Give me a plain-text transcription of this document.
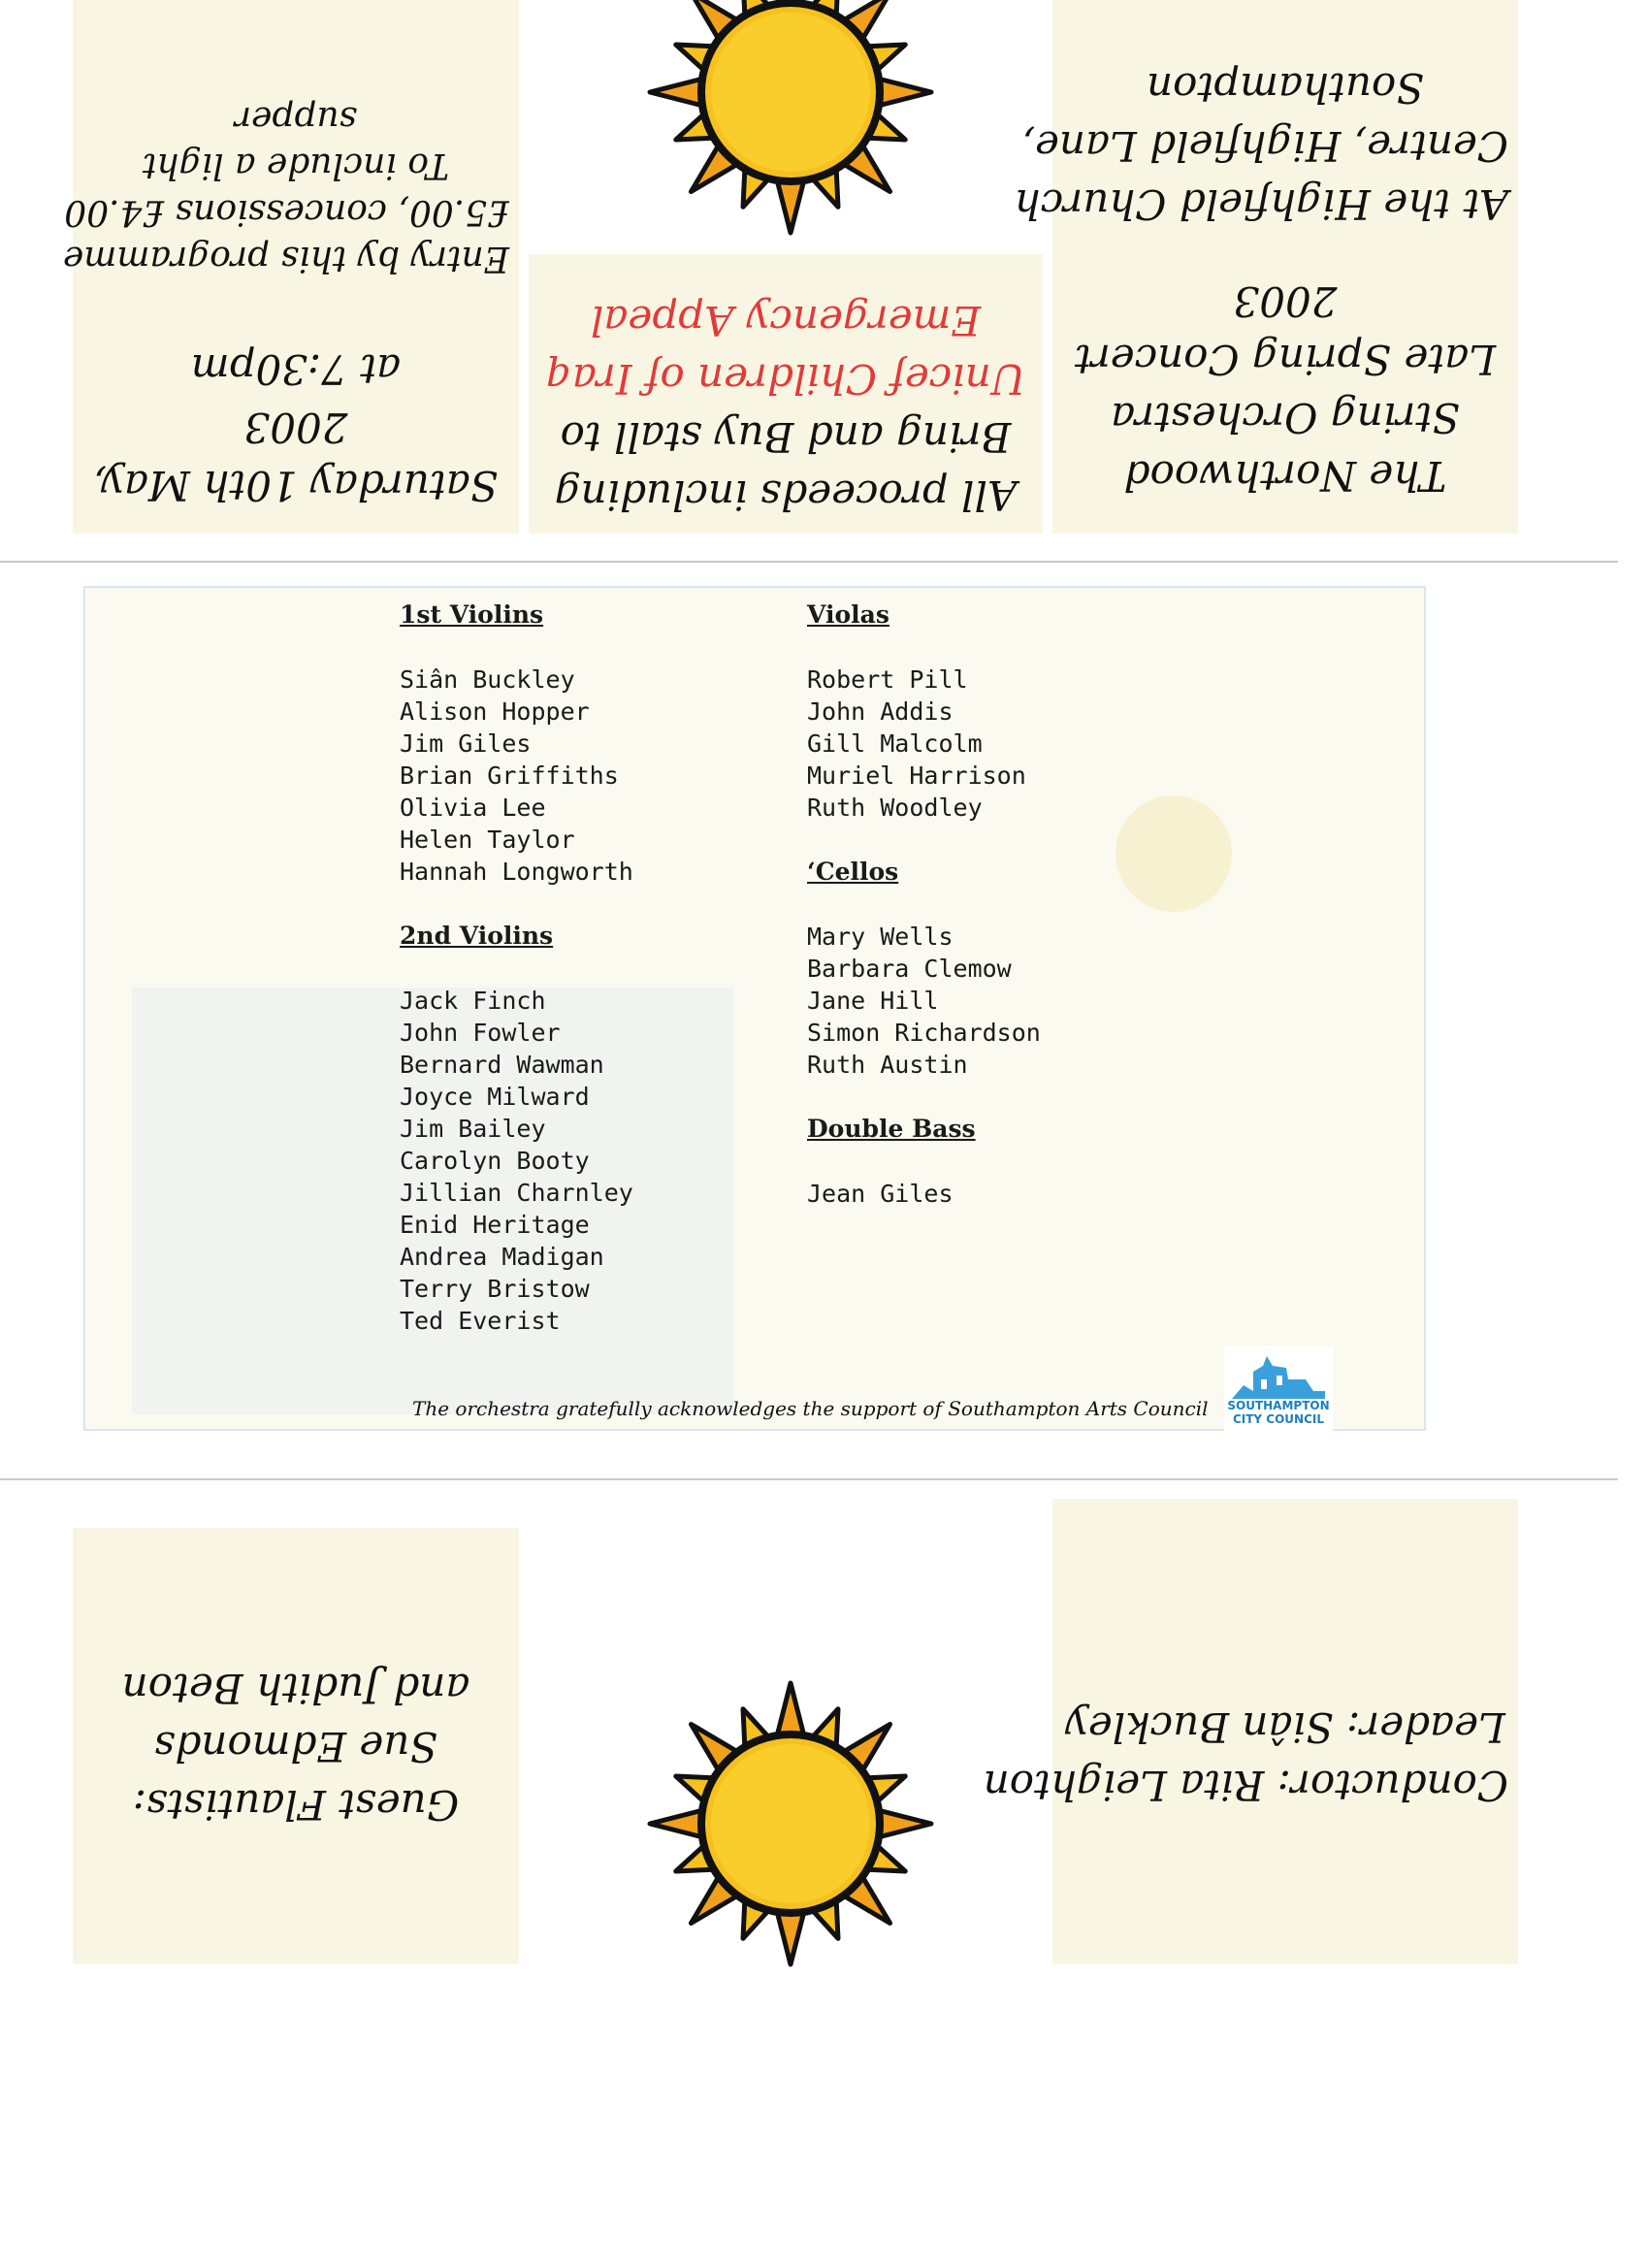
Saturday 10th May,
2003
at 7:30pm
Entry by this programme
£5.00, concessions £4.00
To include a light
supper
All proceeds including
Bring and Buy stall to
Unicef Children of Iraq
Emergency Appeal
The Northwood
String Orchestra
Late Spring Concert
2003
At the Highfield Church
Centre, Highfield Lane,
Southampton
1st Violins
Siân Buckley
Alison Hopper
Jim Giles
Brian Griffiths
Olivia Lee
Helen Taylor
Hannah Longworth
2nd Violins
Jack Finch
John Fowler
Bernard Wawman
Joyce Milward
Jim Bailey
Carolyn Booty
Jillian Charnley
Enid Heritage
Andrea Madigan
Terry Bristow
Ted Everist
Violas
Robert Pill
John Addis
Gill Malcolm
Muriel Harrison
Ruth Woodley
‘Cellos
Mary Wells
Barbara Clemow
Jane Hill
Simon Richardson
Ruth Austin
Double Bass
Jean Giles
The orchestra gratefully acknowledges the support of Southampton Arts Council SOUTHAMPTON CITY COUNCIL
Guest Flautists:
Sue Edmonds
and Judith Beton
Conductor: Rita Leighton
Leader: Siân Buckley
